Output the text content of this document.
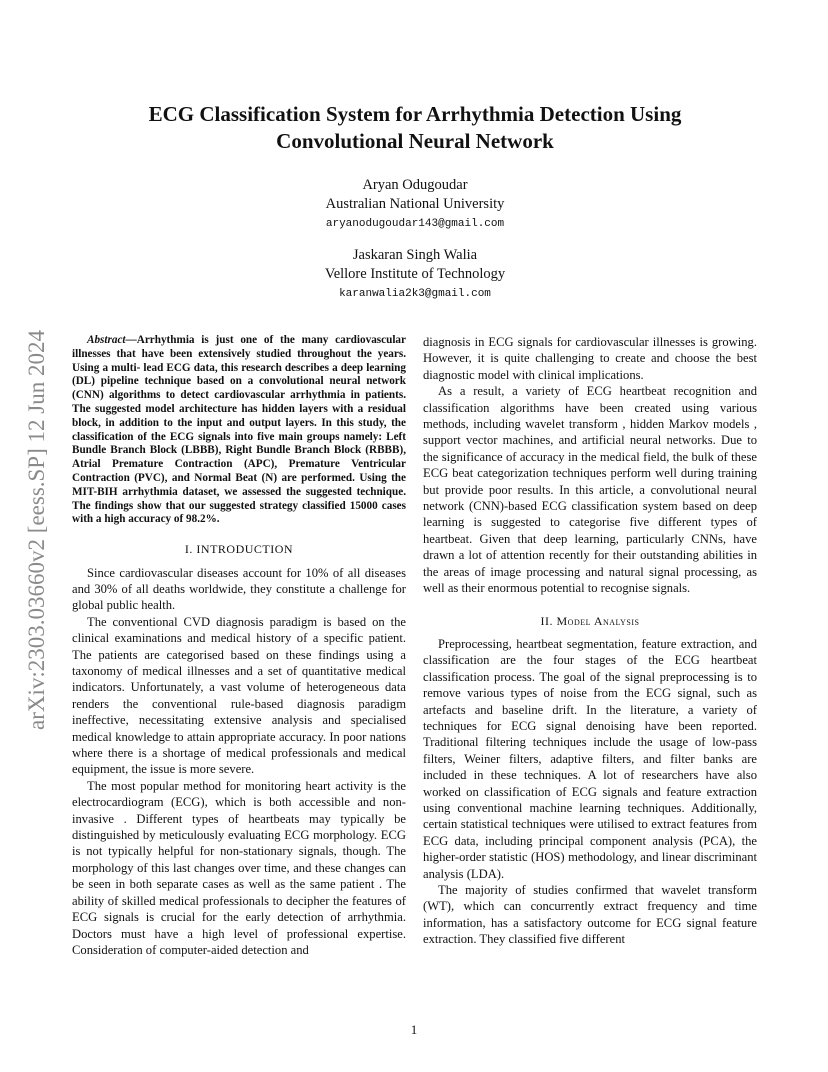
arXiv:2303.03660v2 [eess.SP] 12 Jun 2024
ECG Classification System for Arrhythmia Detection Using
Convolutional Neural Network
Aryan Odugoudar
Australian National University
aryanodugoudar143@gmail.com
Jaskaran Singh Walia
Vellore Institute of Technology
karanwalia2k3@gmail.com

Abstract—Arrhythmia is just one of the many cardiovascular illnesses that have been extensively studied throughout the years. Using a multi- lead ECG data, this research describes a deep learning (DL) pipeline technique based on a convolutional neural network (CNN) algorithms to detect cardiovascular arrhythmia in patients. The suggested model architecture has hidden layers with a residual block, in addition to the input and output layers. In this study, the classification of the ECG signals into five main groups namely: Left Bundle Branch Block (LBBB), Right Bundle Branch Block (RBBB), Atrial Premature Contraction (APC), Premature Ventricular Contraction (PVC), and Normal Beat (N) are performed. Using the MIT-BIH arrhythmia dataset, we assessed the suggested technique. The findings show that our suggested strategy classified 15000 cases with a high accuracy of 98.2%.

I. INTRODUCTION

Since cardiovascular diseases account for 10% of all diseases and 30% of all deaths worldwide, they constitute a challenge for global public health.

The conventional CVD diagnosis paradigm is based on the clinical examinations and medical history of a specific patient. The patients are categorised based on these findings using a taxonomy of medical illnesses and a set of quantitative medical indicators. Unfortunately, a vast volume of heterogeneous data renders the conventional rule-based diagnosis paradigm ineffective, necessitating extensive analysis and specialised medical knowledge to attain appropriate accuracy. In poor nations where there is a shortage of medical professionals and medical equipment, the issue is more severe.

The most popular method for monitoring heart activity is the electrocardiogram (ECG), which is both accessible and non-invasive . Different types of heartbeats may typically be distinguished by meticulously evaluating ECG morphology. ECG is not typically helpful for non-stationary signals, though. The morphology of this last changes over time, and these changes can be seen in both separate cases as well as the same patient . The ability of skilled medical professionals to decipher the features of ECG signals is crucial for the early detection of arrhythmia. Doctors must have a high level of professional expertise. Consideration of computer-aided detection and

diagnosis in ECG signals for cardiovascular illnesses is growing. However, it is quite challenging to create and choose the best diagnostic model with clinical implications.

As a result, a variety of ECG heartbeat recognition and classification algorithms have been created using various methods, including wavelet transform , hidden Markov models , support vector machines, and artificial neural networks. Due to the significance of accuracy in the medical field, the bulk of these ECG beat categorization techniques perform well during training but provide poor results. In this article, a convolutional neural network (CNN)-based ECG classification system based on deep learning is suggested to categorise five different types of heartbeat. Given that deep learning, particularly CNNs, have drawn a lot of attention recently for their outstanding abilities in the areas of image processing and natural signal processing, as well as their enormous potential to recognise signals.

II. Model Analysis

Preprocessing, heartbeat segmentation, feature extraction, and classification are the four stages of the ECG heartbeat classification process. The goal of the signal preprocessing is to remove various types of noise from the ECG signal, such as artefacts and baseline drift. In the literature, a variety of techniques for ECG signal denoising have been reported. Traditional filtering techniques include the usage of low-pass filters, Weiner filters, adaptive filters, and filter banks are included in these techniques. A lot of researchers have also worked on classification of ECG signals and feature extraction using conventional machine learning techniques. Additionally, certain statistical techniques were utilised to extract features from ECG data, including principal component analysis (PCA), the higher-order statistic (HOS) methodology, and linear discriminant analysis (LDA).

The majority of studies confirmed that wavelet transform (WT), which can concurrently extract frequency and time information, has a satisfactory outcome for ECG signal feature extraction. They classified five different

1
